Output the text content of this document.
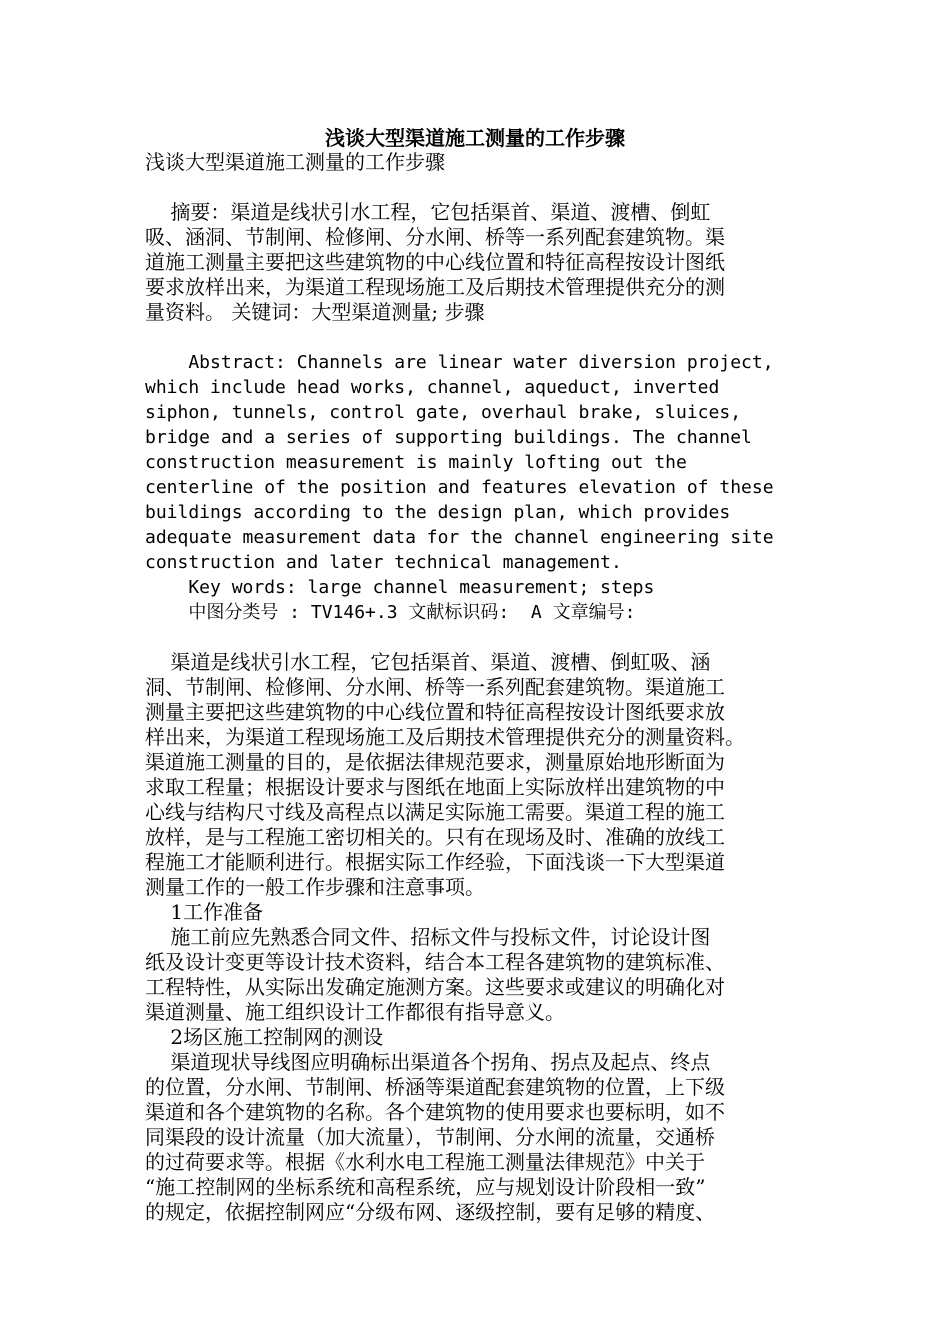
浅谈大型渠道施工测量的工作步骤
浅谈大型渠道施工测量的工作步骤
摘要：渠道是线状引水工程，它包括渠首、渠道、渡槽、倒虹
吸、涵洞、节制闸、检修闸、分水闸、桥等一系列配套建筑物。渠
道施工测量主要把这些建筑物的中心线位置和特征高程按设计图纸
要求放样出来，为渠道工程现场施工及后期技术管理提供充分的测
量资料。 关键词：大型渠道测量; 步骤
Abstract: Channels are linear water diversion project,
which include head works, channel, aqueduct, inverted
siphon, tunnels, control gate, overhaul brake, sluices,
bridge and a series of supporting buildings. The channel
construction measurement is mainly lofting out the
centerline of the position and features elevation of these
buildings according to the design plan, which provides
adequate measurement data for the channel engineering site
construction and later technical management.
Key words: large channel measurement; steps
中图分类号 : TV146+.3 文献标识码:  A 文章编号:
渠道是线状引水工程，它包括渠首、渠道、渡槽、倒虹吸、涵
洞、节制闸、检修闸、分水闸、桥等一系列配套建筑物。渠道施工
测量主要把这些建筑物的中心线位置和特征高程按设计图纸要求放
样出来，为渠道工程现场施工及后期技术管理提供充分的测量资料。
渠道施工测量的目的，是依据法律规范要求，测量原始地形断面为
求取工程量；根据设计要求与图纸在地面上实际放样出建筑物的中
心线与结构尺寸线及高程点以满足实际施工需要。渠道工程的施工
放样，是与工程施工密切相关的。只有在现场及时、准确的放线工
程施工才能顺利进行。根据实际工作经验，下面浅谈一下大型渠道
测量工作的一般工作步骤和注意事项。
1工作准备
施工前应先熟悉合同文件、招标文件与投标文件，讨论设计图
纸及设计变更等设计技术资料，结合本工程各建筑物的建筑标准、
工程特性，从实际出发确定施测方案。这些要求或建议的明确化对
渠道测量、施工组织设计工作都很有指导意义。
2场区施工控制网的测设
渠道现状导线图应明确标出渠道各个拐角、拐点及起点、终点
的位置，分水闸、节制闸、桥涵等渠道配套建筑物的位置，上下级
渠道和各个建筑物的名称。各个建筑物的使用要求也要标明，如不
同渠段的设计流量（加大流量），节制闸、分水闸的流量，交通桥
的过荷要求等。根据《水利水电工程施工测量法律规范》中关于
“施工控制网的坐标系统和高程系统，应与规划设计阶段相一致”
的规定，依据控制网应“分级布网、逐级控制，要有足够的精度、
